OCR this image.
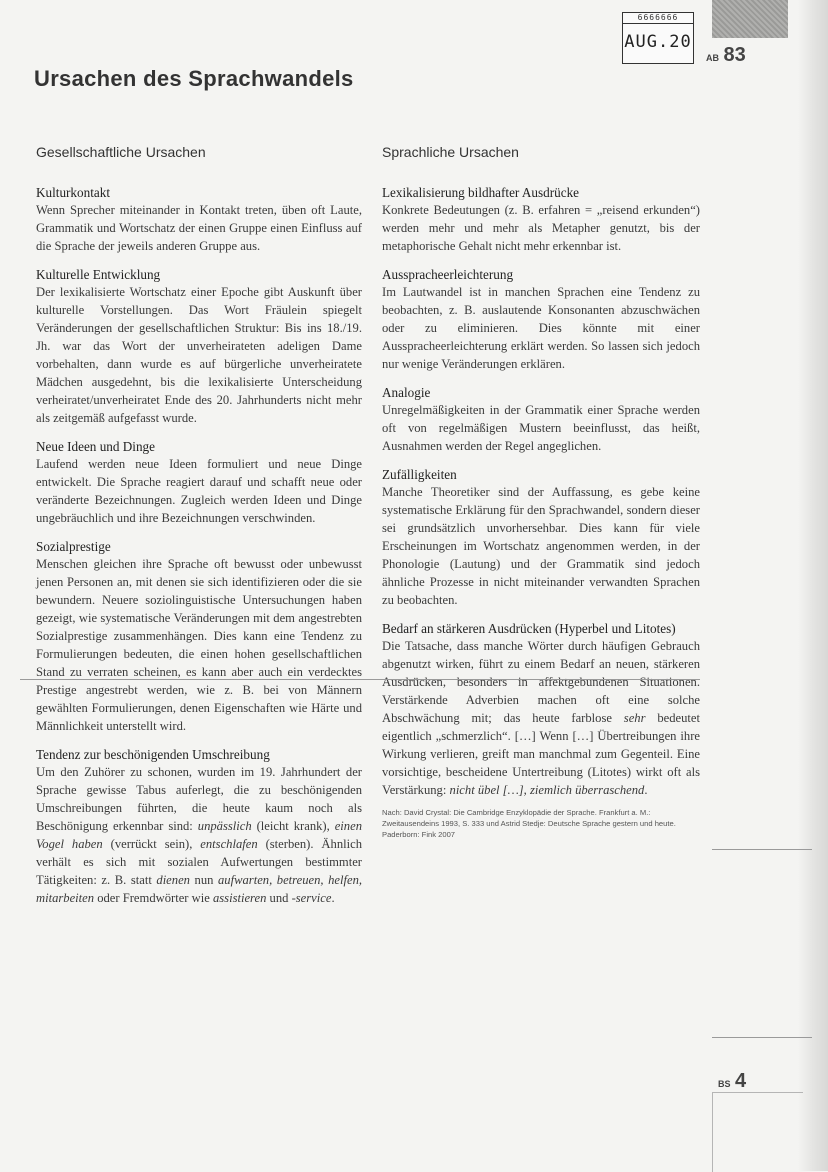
6666666
AUG.20
AB 83
Ursachen des Sprachwandels
Gesellschaftliche Ursachen

Kulturkontakt

Wenn Sprecher miteinander in Kontakt treten, üben oft Laute, Grammatik und Wortschatz der einen Gruppe einen Einfluss auf die Sprache der jeweils anderen Gruppe aus.

Kulturelle Entwicklung

Der lexikalisierte Wortschatz einer Epoche gibt Auskunft über kulturelle Vorstellungen. Das Wort Fräulein spiegelt Veränderungen der gesellschaftlichen Struktur: Bis ins 18./19. Jh. war das Wort der unverheirateten adeligen Dame vorbehalten, dann wurde es auf bürgerliche unverheiratete Mädchen ausgedehnt, bis die lexikalisierte Unterscheidung verheiratet/unverheiratet Ende des 20. Jahrhunderts nicht mehr als zeitgemäß aufgefasst wurde.

Neue Ideen und Dinge

Laufend werden neue Ideen formuliert und neue Dinge entwickelt. Die Sprache reagiert darauf und schafft neue oder veränderte Bezeichnungen. Zugleich werden Ideen und Dinge ungebräuchlich und ihre Bezeichnungen verschwinden.

Sozialprestige

Menschen gleichen ihre Sprache oft bewusst oder unbewusst jenen Personen an, mit denen sie sich identifizieren oder die sie bewundern. Neuere soziolinguistische Untersuchungen haben gezeigt, wie systematische Veränderungen mit dem angestrebten Sozialprestige zusammenhängen. Dies kann eine Tendenz zu Formulierungen bedeuten, die einen hohen gesellschaftlichen Stand zu verraten scheinen, es kann aber auch ein verdecktes Prestige angestrebt werden, wie z. B. bei von Männern gewählten Formulierungen, denen Eigenschaften wie Härte und Männlichkeit unterstellt wird.

Tendenz zur beschönigenden Umschreibung

Um den Zuhörer zu schonen, wurden im 19. Jahrhundert der Sprache gewisse Tabus auferlegt, die zu beschönigenden Umschreibungen führten, die heute kaum noch als Beschönigung erkennbar sind: unpässlich (leicht krank), einen Vogel haben (verrückt sein), entschlafen (sterben). Ähnlich verhält es sich mit sozialen Aufwertungen bestimmter Tätigkeiten: z. B. statt dienen nun aufwarten, betreuen, helfen, mitarbeiten oder Fremdwörter wie assistieren und -service.

Sprachliche Ursachen

Lexikalisierung bildhafter Ausdrücke

Konkrete Bedeutungen (z. B. erfahren = „reisend erkunden“) werden mehr und mehr als Metapher genutzt, bis der metaphorische Gehalt nicht mehr erkennbar ist.

Aussprachеerleichterung

Im Lautwandel ist in manchen Sprachen eine Tendenz zu beobachten, z. B. auslautende Konsonanten abzuschwächen oder zu eliminieren. Dies könnte mit einer Ausspracheerleichterung erklärt werden. So lassen sich jedoch nur wenige Veränderungen erklären.

Analogie

Unregelmäßigkeiten in der Grammatik einer Sprache werden oft von regelmäßigen Mustern beeinflusst, das heißt, Ausnahmen werden der Regel angeglichen.

Zufälligkeiten

Manche Theoretiker sind der Auffassung, es gebe keine systematische Erklärung für den Sprachwandel, sondern dieser sei grundsätzlich unvorhersehbar. Dies kann für viele Erscheinungen im Wortschatz angenommen werden, in der Phonologie (Lautung) und der Grammatik sind jedoch ähnliche Prozesse in nicht miteinander verwandten Sprachen zu beobachten.

Bedarf an stärkeren Ausdrücken (Hyperbel und Litotes)

Die Tatsache, dass manche Wörter durch häufigen Gebrauch abgenutzt wirken, führt zu einem Bedarf an neuen, stärkeren Ausdrücken, besonders in affektgebundenen Situationen. Verstärkende Adverbien machen oft eine solche Abschwächung mit; das heute farblose sehr bedeutet eigentlich „schmerzlich“. […] Wenn […] Übertreibungen ihre Wirkung verlieren, greift man manchmal zum Gegenteil. Eine vorsichtige, bescheidene Untertreibung (Litotes) wirkt oft als Verstärkung: nicht übel […], ziemlich überraschend.

Nach: David Crystal: Die Cambridge Enzyklopädie der Sprache. Frankfurt a. M.: Zweitausendeins 1993, S. 333 und Astrid Stedje: Deutsche Sprache gestern und heute. Paderborn: Fink 2007
BS 4
